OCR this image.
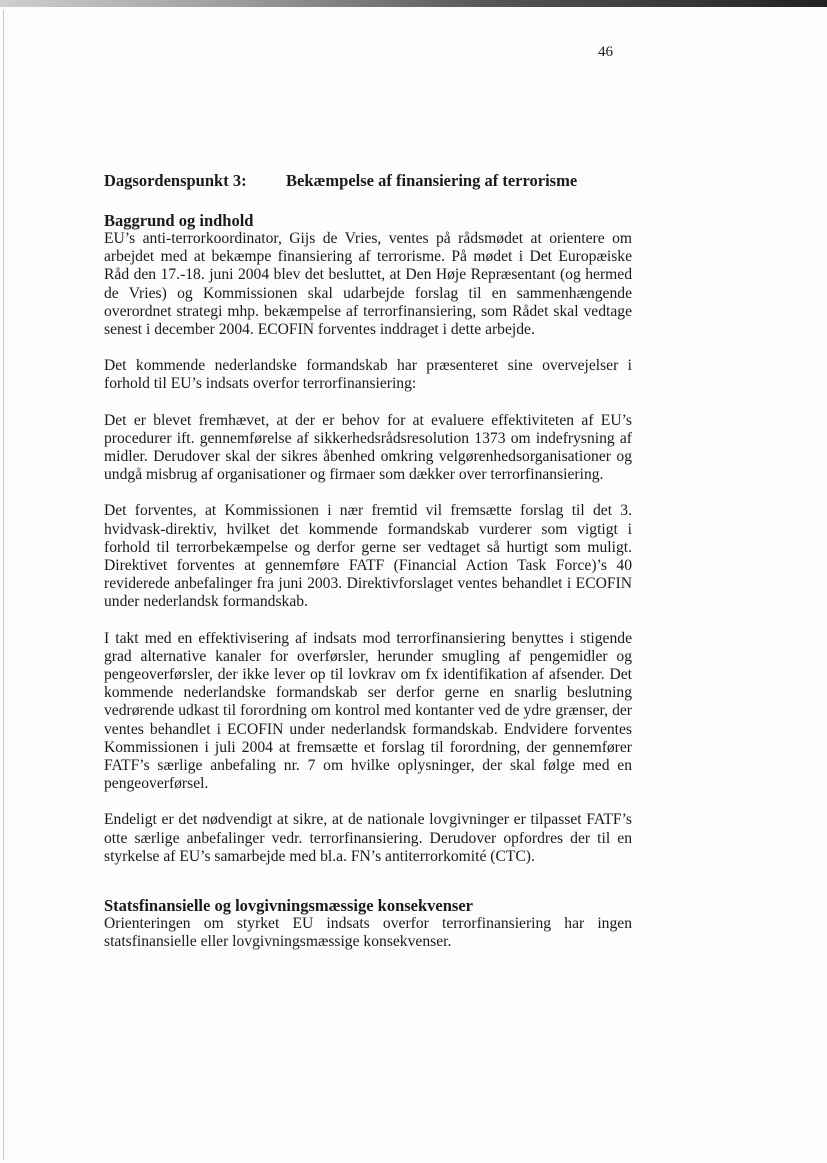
46
Dagsordenspunkt 3: Bekæmpelse af finansiering af terrorisme
Baggrund og indhold

EU’s anti-terrorkoordinator, Gijs de Vries, ventes på rådsmødet at orientere om arbejdet med at bekæmpe finansiering af terrorisme. På mødet i Det Europæiske Råd den 17.-18. juni 2004 blev det besluttet, at Den Høje Repræsentant (og hermed de Vries) og Kommissionen skal udarbejde forslag til en sammenhængende overordnet strategi mhp. bekæmpelse af terrorfinansiering, som Rådet skal vedtage senest i december 2004. ECOFIN forventes inddraget i dette arbejde.

Det kommende nederlandske formandskab har præsenteret sine overvejelser i forhold til EU’s indsats overfor terrorfinansiering:

Det er blevet fremhævet, at der er behov for at evaluere effektiviteten af EU’s procedurer ift. gennemførelse af sikkerhedsrådsresolution 1373 om indefrysning af midler. Derudover skal der sikres åbenhed omkring velgørenhedsorganisationer og undgå misbrug af organisationer og firmaer som dækker over terrorfinansiering.

Det forventes, at Kommissionen i nær fremtid vil fremsætte forslag til det 3. hvidvask-direktiv, hvilket det kommende formandskab vurderer som vigtigt i forhold til terrorbekæmpelse og derfor gerne ser vedtaget så hurtigt som muligt. Direktivet forventes at gennemføre FATF (Financial Action Task Force)’s 40 reviderede anbefalinger fra juni 2003. Direktivforslaget ventes behandlet i ECOFIN under nederlandsk formandskab.

I takt med en effektivisering af indsats mod terrorfinansiering benyttes i stigende grad alternative kanaler for overførsler, herunder smugling af pengemidler og pengeoverførsler, der ikke lever op til lovkrav om fx identifikation af afsender. Det kommende nederlandske formandskab ser derfor gerne en snarlig beslutning vedrørende udkast til forordning om kontrol med kontanter ved de ydre grænser, der ventes behandlet i ECOFIN under nederlandsk formandskab. Endvidere forventes Kommissionen i juli 2004 at fremsætte et forslag til forordning, der gennemfører FATF’s særlige anbefaling nr. 7 om hvilke oplysninger, der skal følge med en pengeoverførsel.

Endeligt er det nødvendigt at sikre, at de nationale lovgivninger er tilpasset FATF’s otte særlige anbefalinger vedr. terrorfinansiering. Derudover opfordres der til en styrkelse af EU’s samarbejde med bl.a. FN’s antiterrorkomité (CTC).

Statsfinansielle og lovgivningsmæssige konsekvenser

Orienteringen om styrket EU indsats overfor terrorfinansiering har ingen statsfinansielle eller lovgivningsmæssige konsekvenser.
